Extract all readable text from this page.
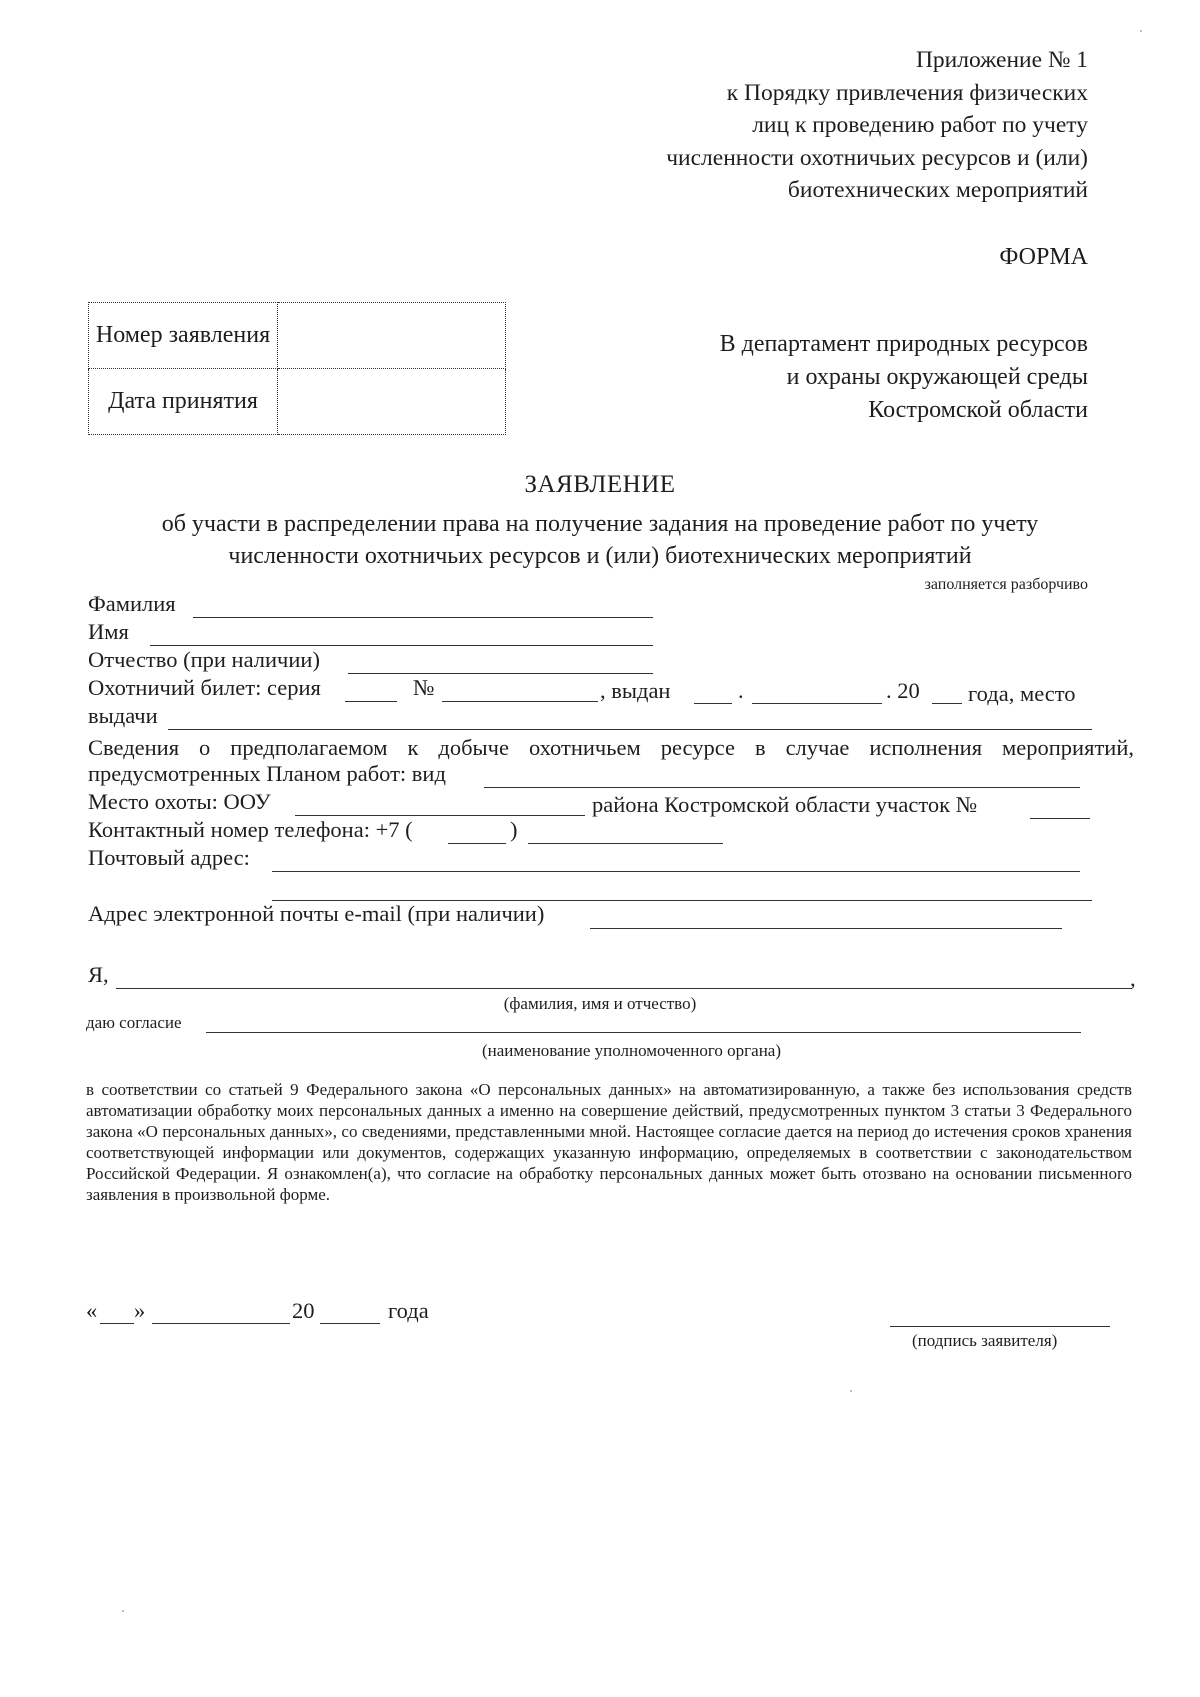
Приложение № 1
к Порядку привлечения физических
лиц к проведению работ по учету
численности охотничьих ресурсов и (или)
биотехнических мероприятий
ФОРМА
Номер заявления	
Дата принятия	
В департамент природных ресурсов
и охраны окружающей среды
Костромской области
ЗАЯВЛЕНИЕ
об участи в распределении права на получение задания на проведение работ по учету
численности охотничьих ресурсов и (или) биотехнических мероприятий
заполняется разборчиво
Фамилия
Имя
Отчество (при наличии)
Охотничий билет: серия	№	, выдан	.	. 20 года, место
выдачи
Сведения о предполагаемом к добыче охотничьем ресурсе в случае исполнения мероприятий,
предусмотренных Планом работ: вид
Место охоты: ООУ	района Костромской области участок №
Контактный номер телефона: +7 (	)
Почтовый адрес:
Адрес электронной почты e-mail (при наличии)
Я,	,
(фамилия, имя и отчество)
даю согласие
(наименование уполномоченного органа)

в соответствии со статьей 9 Федерального закона «О персональных данных» на автоматизированную, а также без использования средств автоматизации обработку моих персональных данных а именно на совершение действий, предусмотренных пунктом 3 статьи 3 Федерального закона «О персональных данных», со сведениями, представленными мной. Настоящее согласие дается на период до истечения сроков хранения соответствующей информации или документов, содержащих указанную информацию, определяемых в соответствии с законодательством Российской Федерации. Я ознакомлен(а), что согласие на обработку персональных данных может быть отозвано на основании письменного заявления в произвольной форме.

« »	20	года
(подпись заявителя)
